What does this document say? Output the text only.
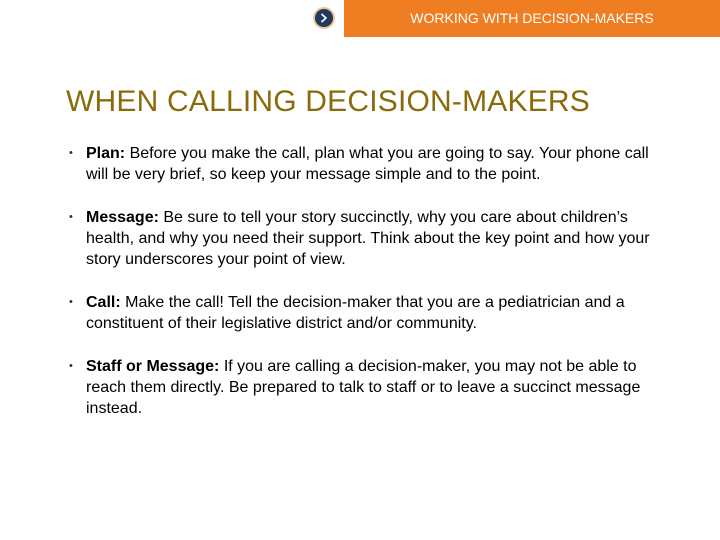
WORKING WITH DECISION-MAKERS
WHEN CALLING DECISION-MAKERS
• Plan: Before you make the call, plan what you are going to say. Your phone call will be very brief, so keep your message simple and to the point.
• Message: Be sure to tell your story succinctly, why you care about children’s health, and why you need their support. Think about the key point and how your story underscores your point of view.
• Call: Make the call! Tell the decision-maker that you are a pediatrician and a constituent of their legislative district and/or community.
• Staff or Message: If you are calling a decision-maker, you may not be able to reach them directly. Be prepared to talk to staff or to leave a succinct message instead.
